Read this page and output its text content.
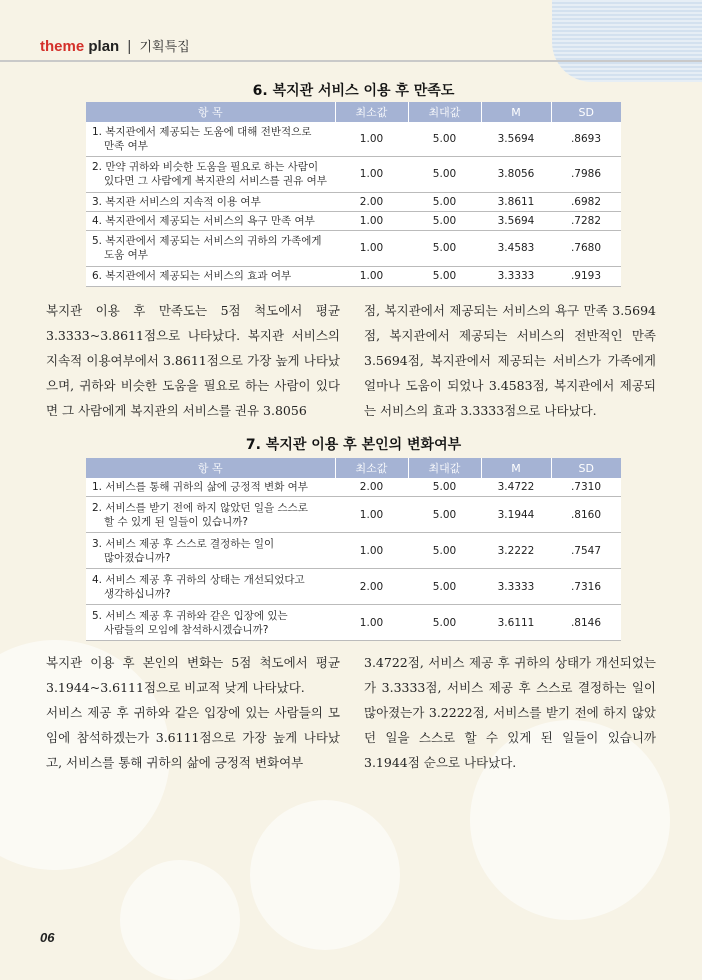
theme plan | 기획특집
6. 복지관 서비스 이용 후 만족도
항 목	최소값	최대값	M	SD
1. 복지관에서 제공되는 도움에 대해 전반적으로
만족 여부	1.00	5.00	3.5694	.8693
2. 만약 귀하와 비슷한 도움을 필요로 하는 사람이
있다면 그 사람에게 복지관의 서비스를 권유 여부	1.00	5.00	3.8056	.7986
3. 복지관 서비스의 지속적 이용 여부	2.00	5.00	3.8611	.6982
4. 복지관에서 제공되는 서비스의 욕구 만족 여부	1.00	5.00	3.5694	.7282
5. 복지관에서 제공되는 서비스의 귀하의 가족에게
도움 여부	1.00	5.00	3.4583	.7680
6. 복지관에서 제공되는 서비스의 효과 여부	1.00	5.00	3.3333	.9193
복지관 이용 후 만족도는 5점 척도에서 평균 3.3333~3.8611점으로 나타났다. 복지관 서비스의 지속적 이용여부에서 3.8611점으로 가장 높게 나타났으며, 귀하와 비슷한 도움을 필요로 하는 사람이 있다면 그 사람에게 복지관의 서비스를 권유 3.8056
점, 복지관에서 제공되는 서비스의 욕구 만족 3.5694점, 복지관에서 제공되는 서비스의 전반적인 만족 3.5694점, 복지관에서 제공되는 서비스가 가족에게 얼마나 도움이 되었나 3.4583점, 복지관에서 제공되는 서비스의 효과 3.3333점으로 나타났다.
7. 복지관 이용 후 본인의 변화여부
항 목	최소값	최대값	M	SD
1. 서비스를 통해 귀하의 삶에 긍정적 변화 여부	2.00	5.00	3.4722	.7310
2. 서비스를 받기 전에 하지 않았던 일을 스스로
할 수 있게 된 일들이 있습니까?	1.00	5.00	3.1944	.8160
3. 서비스 제공 후 스스로 결정하는 일이
많아졌습니까?	1.00	5.00	3.2222	.7547
4. 서비스 제공 후 귀하의 상태는 개선되었다고
생각하십니까?	2.00	5.00	3.3333	.7316
5. 서비스 제공 후 귀하와 같은 입장에 있는
사람들의 모임에 참석하시겠습니까?	1.00	5.00	3.6111	.8146
복지관 이용 후 본인의 변화는 5점 척도에서 평균 3.1944~3.6111점으로 비교적 낮게 나타났다.
서비스 제공 후 귀하와 같은 입장에 있는 사람들의 모임에 참석하겠는가 3.6111점으로 가장 높게 나타났고, 서비스를 통해 귀하의 삶에 긍정적 변화여부
3.4722점, 서비스 제공 후 귀하의 상태가 개선되었는가 3.3333점, 서비스 제공 후 스스로 결정하는 일이 많아졌는가 3.2222점, 서비스를 받기 전에 하지 않았던 일을 스스로 할 수 있게 된 일들이 있습니까 3.1944점 순으로 나타났다.
06
